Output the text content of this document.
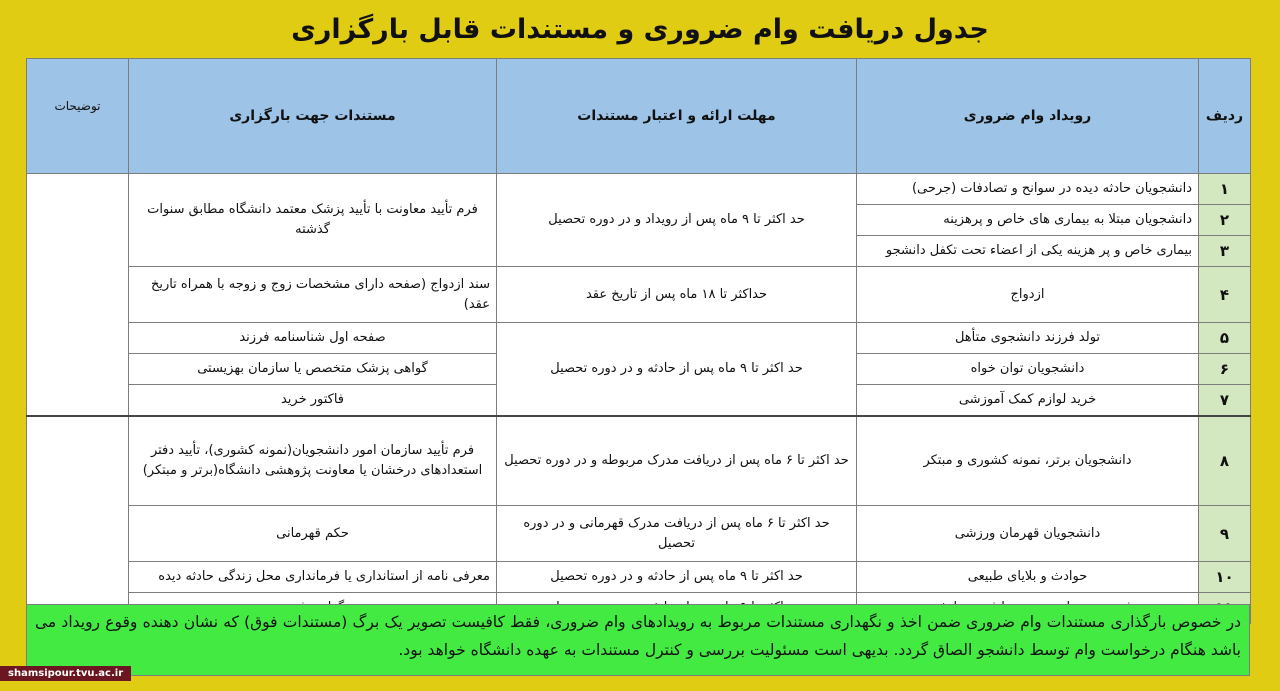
جدول دریافت وام ضروری و مستندات قابل بارگزاری
ردیف	رویداد وام ضروری	مهلت ارائه و اعتبار مستندات	مستندات جهت بارگزاری	توضیحات
۱	دانشجویان حادثه دیده در سوانح و تصادفات (جرحی)	حد اکثر تا ۹ ماه پس از رویداد و در دوره تحصیل	فرم تأیید معاونت با تأیید پزشک معتمد دانشگاه مطابق سنوات گذشته	
۲	دانشجویان مبتلا به بیماری های خاص و پرهزینه			
۳	بیماری خاص و پر هزینه یکی از اعضاء تحت تکفل دانشجو			
۴	ازدواج	حداکثر تا ۱۸ ماه پس از تاریخ عقد	سند ازدواج (صفحه دارای مشخصات زوج و زوجه با همراه تاریخ عقد)	
۵	تولد فرزند دانشجوی متأهل	حد اکثر تا ۹ ماه پس از حادثه و در دوره تحصیل	صفحه اول شناسنامه فرزند	
۶	دانشجویان توان خواه		گواهی پزشک متخصص یا سازمان بهزیستی	
۷	خرید لوازم کمک آموزشی		فاکتور خرید	
۸	دانشجویان برتر، نمونه کشوری و مبتکر	حد اکثر تا ۶ ماه پس از دریافت مدرک مربوطه و در دوره تحصیل	فرم تأیید سازمان امور دانشجویان(نمونه کشوری)، تأیید دفتر استعدادهای درخشان یا معاونت پژوهشی دانشگاه(برتر و مبتکر)	
۹	دانشجویان قهرمان ورزشی	حد اکثر تا ۶ ماه پس از دریافت مدرک قهرمانی و در دوره تحصیل	حکم قهرمانی	
۱۰	حوادث و بلایای طبیعی	حد اکثر تا ۹ ماه پس از حادثه و در دوره تحصیل	معرفی نامه از استانداری یا فرمانداری محل زندگی حادثه دیده	

در خصوص بارگذاری مستندات وام ضروری ضمن اخذ و نگهداری مستندات مربوط به رویدادهای وام ضروری، فقط کافیست تصویر یک برگ (مستندات فوق) که نشان دهنده وقوع رویداد می باشد هنگام درخواست وام توسط دانشجو الصاق گردد. بدیهی است مسئولیت بررسی و کنترل مستندات به عهده دانشگاه خواهد بود.
shamsipour.tvu.ac.ir
